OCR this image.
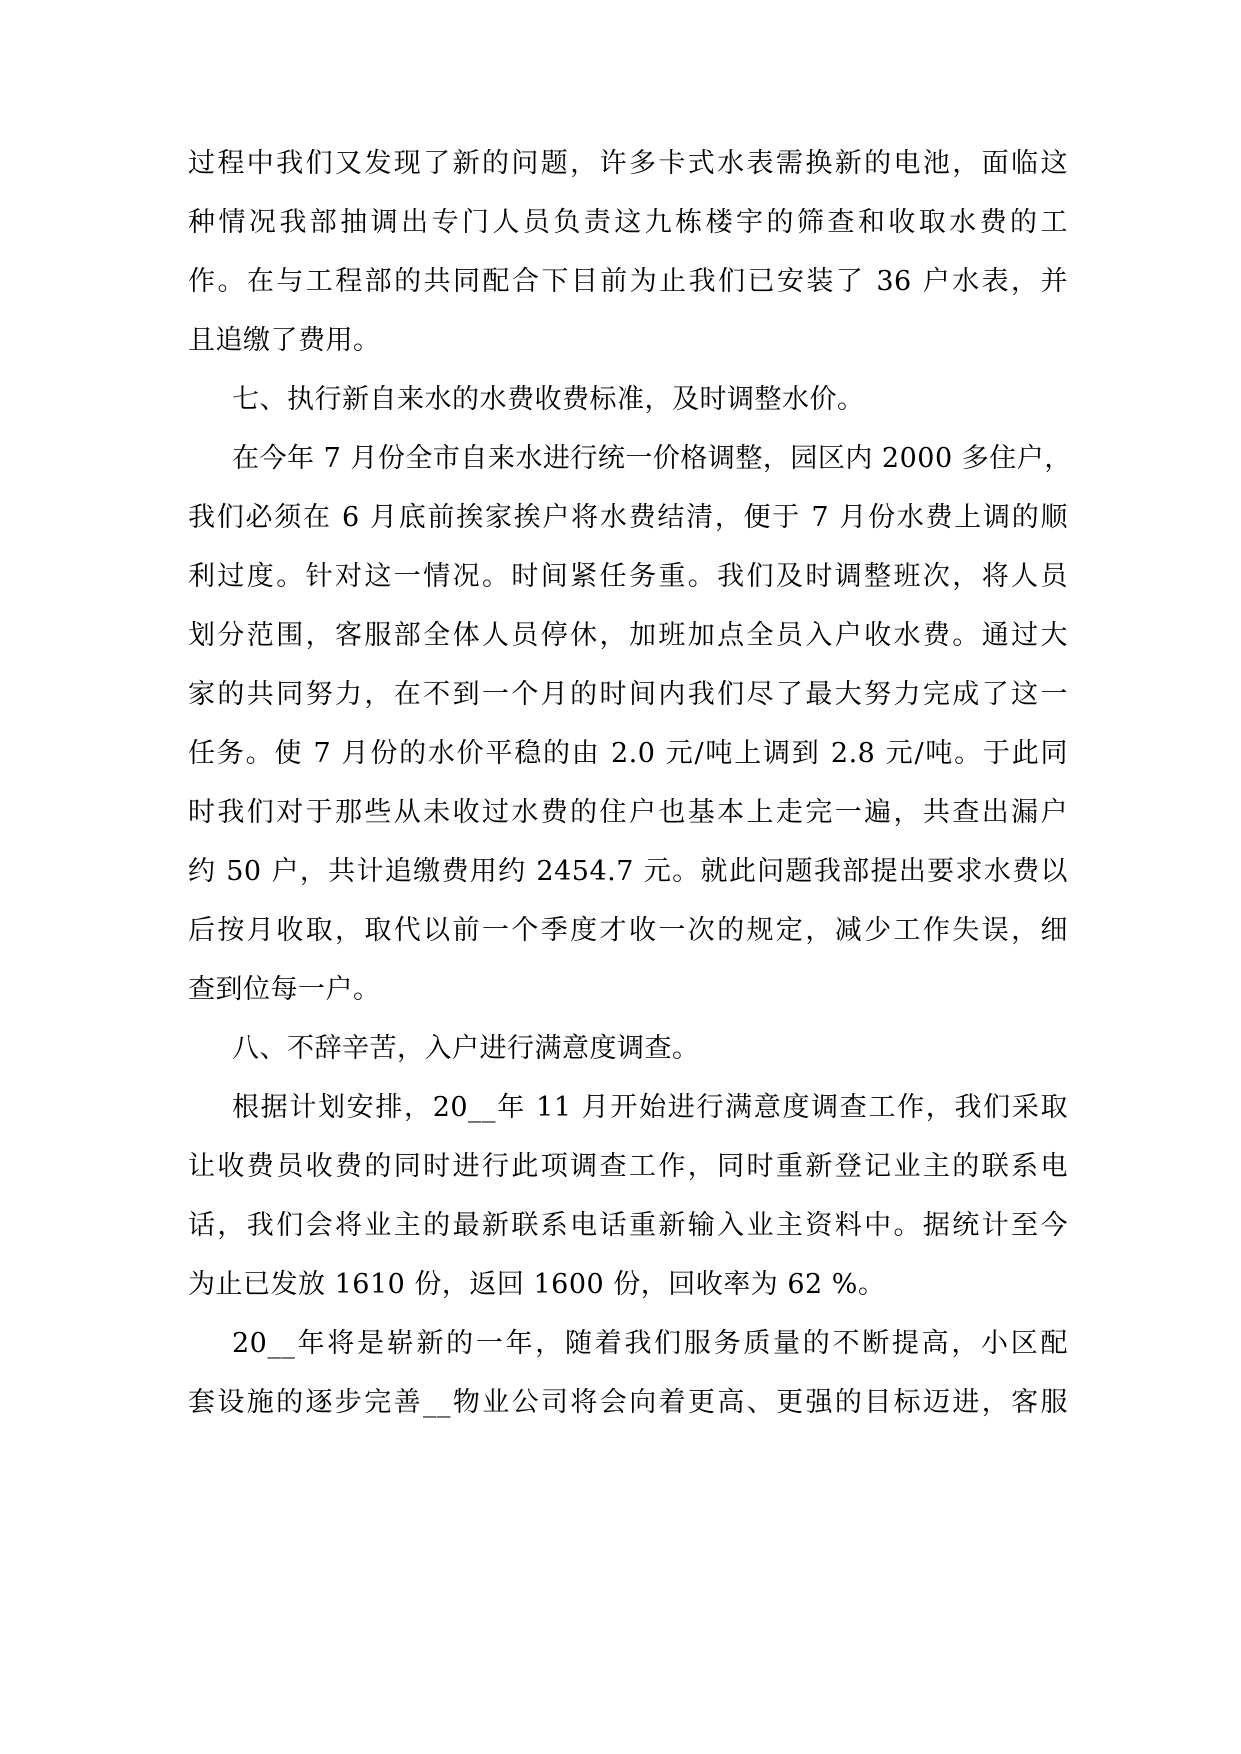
过程中我们又发现了新的问题，许多卡式水表需换新的电池，面临这
种情况我部抽调出专门人员负责这九栋楼宇的筛查和收取水费的工
作。在与工程部的共同配合下目前为止我们已安装了 36 户水表，并
且追缴了费用。
七、执行新自来水的水费收费标准，及时调整水价。
在今年 7 月份全市自来水进行统一价格调整，园区内 2000 多住户，
我们必须在 6 月底前挨家挨户将水费结清，便于 7 月份水费上调的顺
利过度。针对这一情况。时间紧任务重。我们及时调整班次，将人员
划分范围，客服部全体人员停休，加班加点全员入户收水费。通过大
家的共同努力，在不到一个月的时间内我们尽了最大努力完成了这一
任务。使 7 月份的水价平稳的由 2.0 元/吨上调到 2.8 元/吨。于此同
时我们对于那些从未收过水费的住户也基本上走完一遍，共查出漏户
约 50 户，共计追缴费用约 2454.7 元。就此问题我部提出要求水费以
后按月收取，取代以前一个季度才收一次的规定，减少工作失误，细
查到位每一户。
八、不辞辛苦，入户进行满意度调查。
根据计划安排，20__年 11 月开始进行满意度调查工作，我们采取
让收费员收费的同时进行此项调查工作，同时重新登记业主的联系电
话，我们会将业主的最新联系电话重新输入业主资料中。据统计至今
为止已发放 1610 份，返回 1600 份，回收率为 62 %。
20__年将是崭新的一年，随着我们服务质量的不断提高，小区配
套设施的逐步完善__物业公司将会向着更高、更强的目标迈进，客服
